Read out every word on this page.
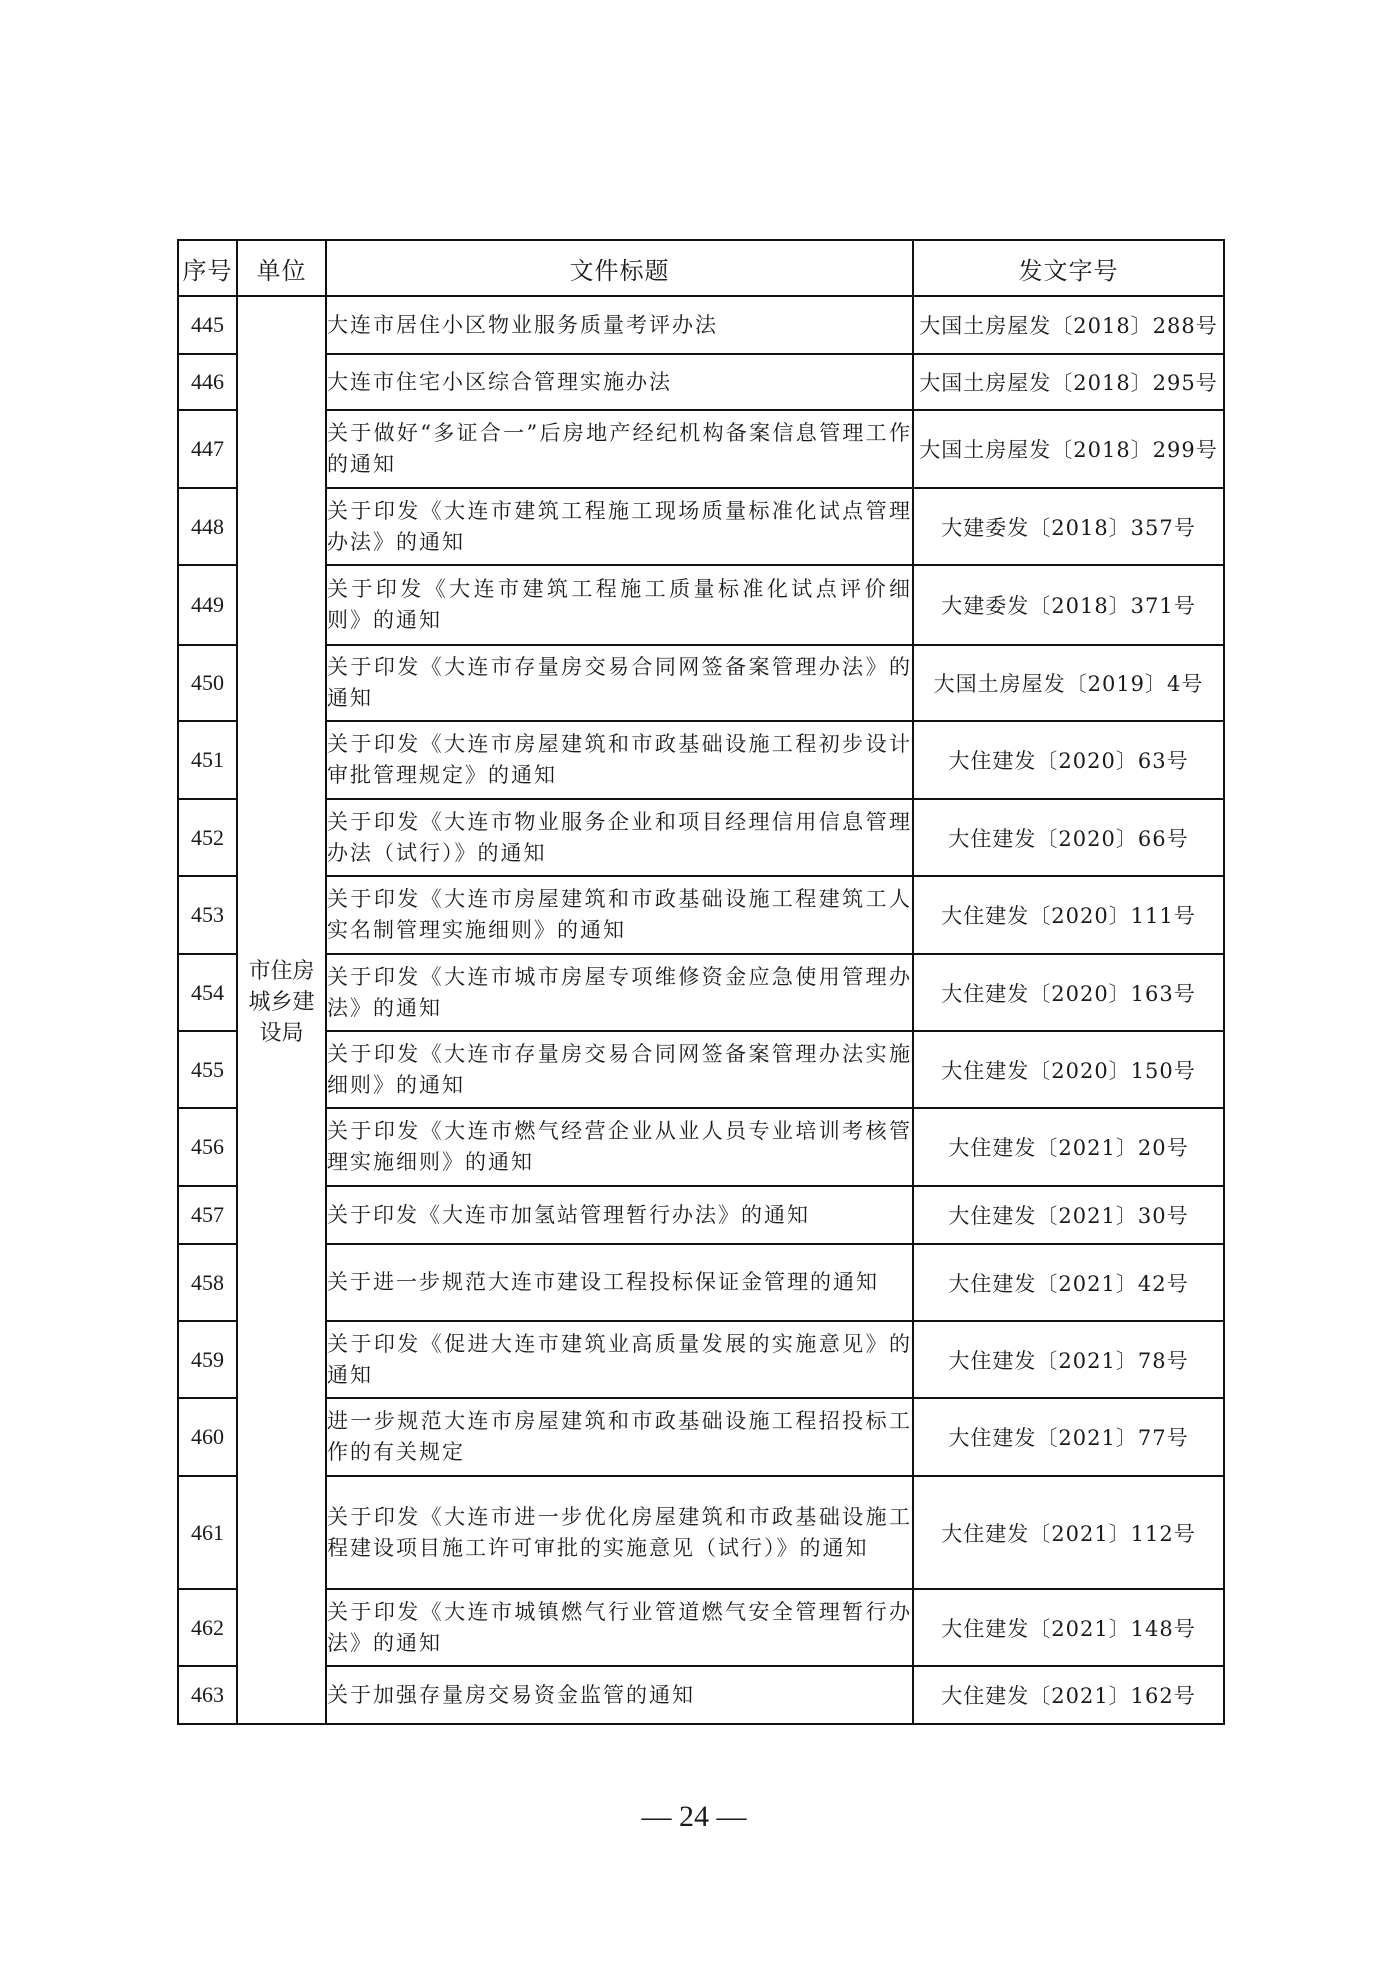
序号	单位	文件标题	发文字号
445	市住房城乡建设局	大连市居住小区物业服务质量考评办法	大国土房屋发〔2018〕288号
446		大连市住宅小区综合管理实施办法	大国土房屋发〔2018〕295号
447		关于做好“多证合一”后房地产经纪机构备案信息管理工作的通知	大国土房屋发〔2018〕299号
448		关于印发《大连市建筑工程施工现场质量标准化试点管理办法》的通知	大建委发〔2018〕357号
449		关于印发《大连市建筑工程施工质量标准化试点评价细则》的通知	大建委发〔2018〕371号
450		关于印发《大连市存量房交易合同网签备案管理办法》的通知	大国土房屋发〔2019〕4号
451		关于印发《大连市房屋建筑和市政基础设施工程初步设计审批管理规定》的通知	大住建发〔2020〕63号
452		关于印发《大连市物业服务企业和项目经理信用信息管理办法（试行）》的通知	大住建发〔2020〕66号
453		关于印发《大连市房屋建筑和市政基础设施工程建筑工人实名制管理实施细则》的通知	大住建发〔2020〕111号
454		关于印发《大连市城市房屋专项维修资金应急使用管理办法》的通知	大住建发〔2020〕163号
455		关于印发《大连市存量房交易合同网签备案管理办法实施细则》的通知	大住建发〔2020〕150号
456		关于印发《大连市燃气经营企业从业人员专业培训考核管理实施细则》的通知	大住建发〔2021〕20号
457		关于印发《大连市加氢站管理暂行办法》的通知	大住建发〔2021〕30号
458		关于进一步规范大连市建设工程投标保证金管理的通知	大住建发〔2021〕42号
459		关于印发《促进大连市建筑业高质量发展的实施意见》的通知	大住建发〔2021〕78号
460		进一步规范大连市房屋建筑和市政基础设施工程招投标工作的有关规定	大住建发〔2021〕77号
461		关于印发《大连市进一步优化房屋建筑和市政基础设施工程建设项目施工许可审批的实施意见（试行）》的通知	大住建发〔2021〕112号
462		关于印发《大连市城镇燃气行业管道燃气安全管理暂行办法》的通知	大住建发〔2021〕148号
463		关于加强存量房交易资金监管的通知	大住建发〔2021〕162号
— 24 —
